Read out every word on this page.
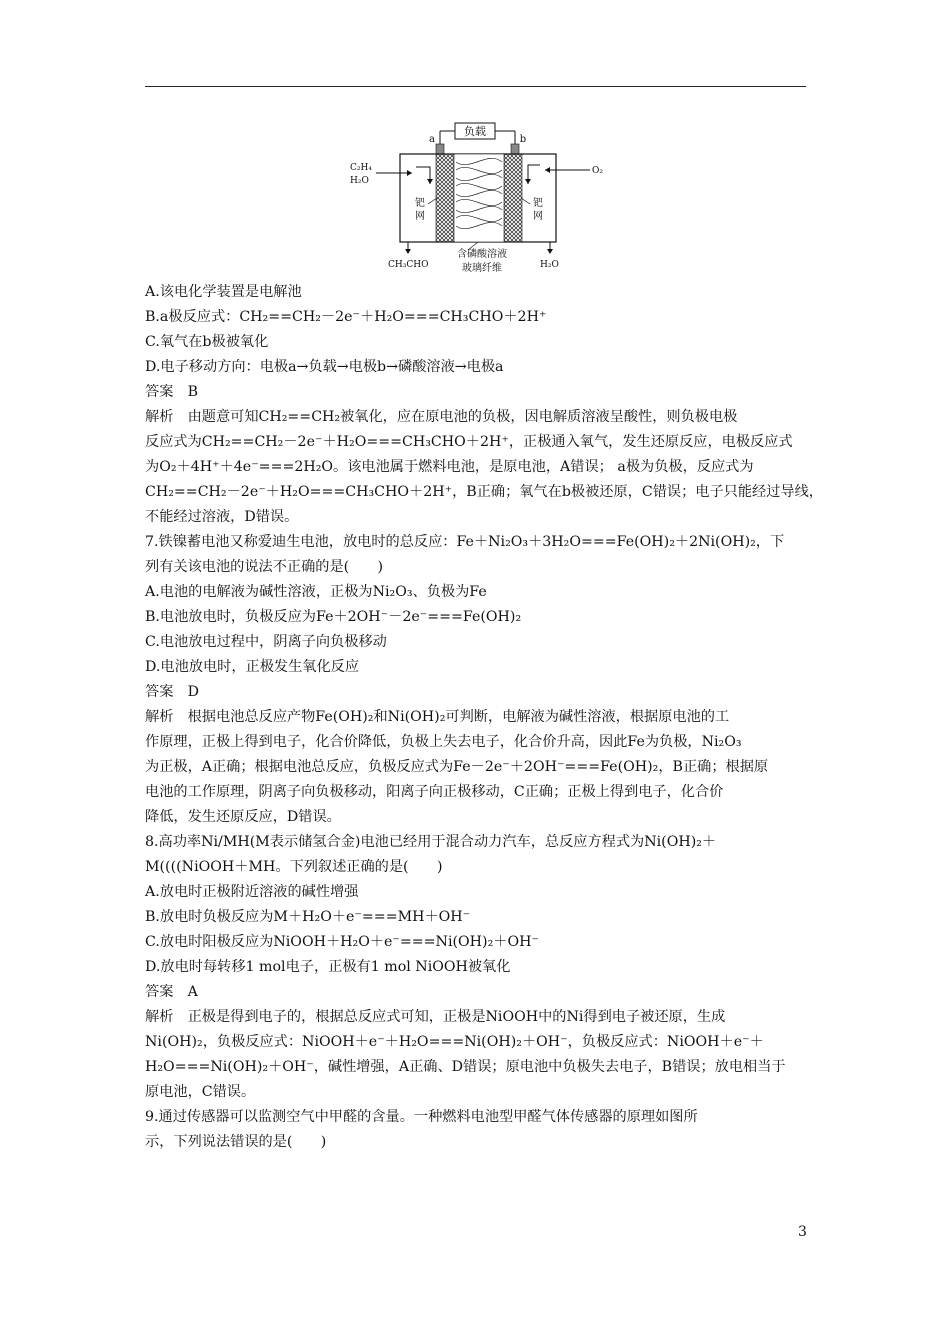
负载
a	b
C₂H₄
H₂O
O₂
钯
网
钯
网
CH₃CHO	H₂O
含磷酸溶液
玻璃纤维
A.该电化学装置是电解池
B.a极反应式：CH₂==CH₂－2e⁻＋H₂O===CH₃CHO＋2H⁺
C.氧气在b极被氧化
D.电子移动方向：电极a→负载→电极b→磷酸溶液→电极a
答案　B
解析　由题意可知CH₂==CH₂被氧化，应在原电池的负极，因电解质溶液呈酸性，则负极电极
反应式为CH₂==CH₂－2e⁻＋H₂O===CH₃CHO＋2H⁺，正极通入氧气，发生还原反应，电极反应式
为O₂＋4H⁺＋4e⁻===2H₂O。该电池属于燃料电池，是原电池，A错误； a极为负极，反应式为
CH₂==CH₂－2e⁻＋H₂O===CH₃CHO＋2H⁺，B正确；氧气在b极被还原，C错误；电子只能经过导线，
不能经过溶液，D错误。
7.铁镍蓄电池又称爱迪生电池，放电时的总反应：Fe＋Ni₂O₃＋3H₂O===Fe(OH)₂＋2Ni(OH)₂，下
列有关该电池的说法不正确的是(　　)
A.电池的电解液为碱性溶液，正极为Ni₂O₃、负极为Fe
B.电池放电时，负极反应为Fe＋2OH⁻－2e⁻===Fe(OH)₂
C.电池放电过程中，阴离子向负极移动
D.电池放电时，正极发生氧化反应
答案　D
解析　根据电池总反应产物Fe(OH)₂和Ni(OH)₂可判断，电解液为碱性溶液，根据原电池的工
作原理，正极上得到电子，化合价降低，负极上失去电子，化合价升高，因此Fe为负极，Ni₂O₃
为正极，A正确；根据电池总反应，负极反应式为Fe－2e⁻＋2OH⁻===Fe(OH)₂，B正确；根据原
电池的工作原理，阴离子向负极移动，阳离子向正极移动，C正确；正极上得到电子，化合价
降低，发生还原反应，D错误。
8.高功率Ni/MH(M表示储氢合金)电池已经用于混合动力汽车，总反应方程式为Ni(OH)₂＋
M((((NiOOH＋MH。下列叙述正确的是(　　)
A.放电时正极附近溶液的碱性增强
B.放电时负极反应为M＋H₂O＋e⁻===MH＋OH⁻
C.放电时阳极反应为NiOOH＋H₂O＋e⁻===Ni(OH)₂＋OH⁻
D.放电时每转移1 mol电子，正极有1 mol NiOOH被氧化
答案　A
解析　正极是得到电子的，根据总反应式可知，正极是NiOOH中的Ni得到电子被还原，生成
Ni(OH)₂，负极反应式：NiOOH＋e⁻＋H₂O===Ni(OH)₂＋OH⁻，负极反应式：NiOOH＋e⁻＋
H₂O===Ni(OH)₂＋OH⁻，碱性增强，A正确、D错误；原电池中负极失去电子，B错误；放电相当于
原电池，C错误。
9.通过传感器可以监测空气中甲醛的含量。一种燃料电池型甲醛气体传感器的原理如图所
示，下列说法错误的是(　　)
3
